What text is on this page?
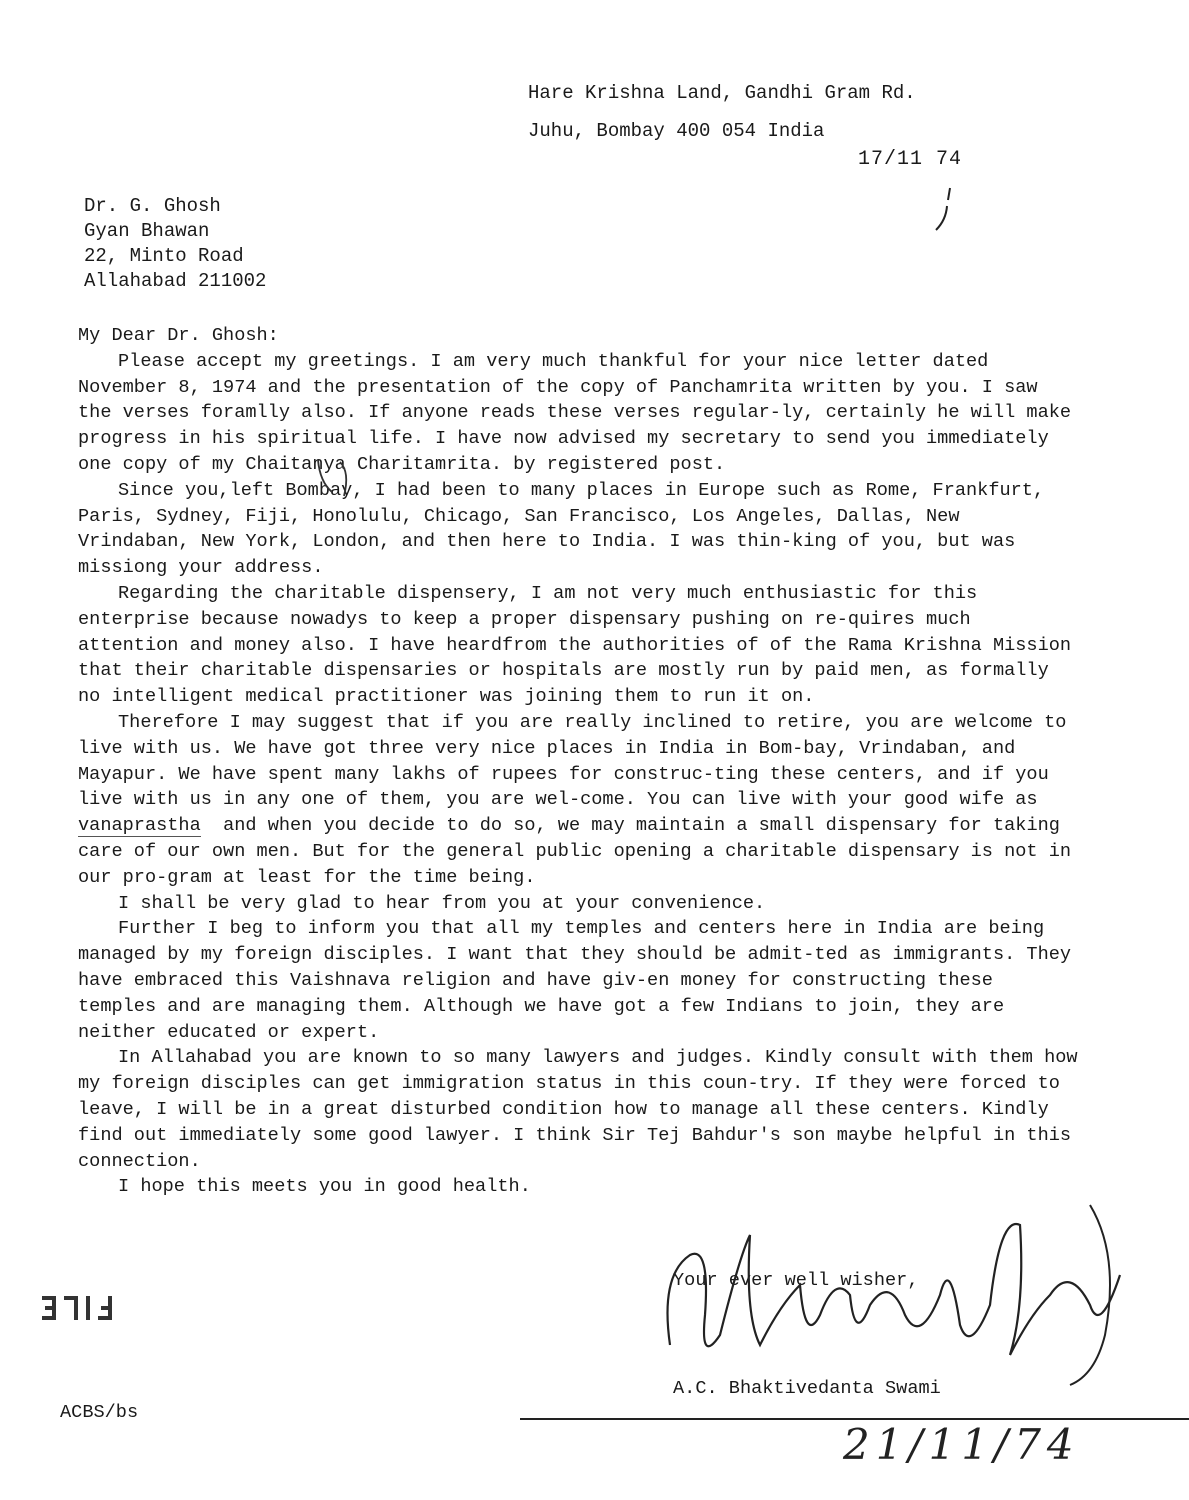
Hare Krishna Land, Gandhi Gram Rd.
Juhu, Bombay 400 054 India
17/11 74
Dr. G. Ghosh
Gyan Bhawan
22, Minto Road
Allahabad 211002

My Dear Dr. Ghosh:

Please accept my greetings. I am very much thankful for your nice letter dated November 8, 1974 and the presentation of the copy of Panchamrita written by you. I saw the verses foramlly also. If anyone reads these verses regular-ly, certainly he will make progress in his spiritual life. I have now advised my secretary to send you immediately one copy of my Chaitanya Charitamrita. by registered post.

Since you,left Bombay, I had been to many places in Europe such as Rome, Frankfurt, Paris, Sydney, Fiji, Honolulu, Chicago, San Francisco, Los Angeles, Dallas, New Vrindaban, New York, London, and then here to India. I was thin-king of you, but was missiong your address.

Regarding the charitable dispensery, I am not very much enthusiastic for this enterprise because nowadys to keep a proper dispensary pushing on re-quires much attention and money also. I have heardfrom the authorities of of the Rama Krishna Mission that their charitable dispensaries or hospitals are mostly run by paid men, as formally no intelligent medical practitioner was joining them to run it on.

Therefore I may suggest that if you are really inclined to retire, you are welcome to live with us. We have got three very nice places in India in Bom-bay, Vrindaban, and Mayapur. We have spent many lakhs of rupees for construc-ting these centers, and if you live with us in any one of them, you are wel-come. You can live with your good wife as vanaprastha  and when you decide to do so, we may maintain a small dispensary for taking care of our own men. But for the general public opening a charitable dispensary is not in our pro-gram at least for the time being.

I shall be very glad to hear from you at your convenience.

Further I beg to inform you that all my temples and centers here in India are being managed by my foreign disciples. I want that they should be admit-ted as immigrants. They have embraced this Vaishnava religion and have giv-en money for constructing these  temples and are managing them. Although we have got a few Indians to join, they are neither educated or expert.

In Allahabad you are known to so many lawyers and judges. Kindly consult with them how my foreign disciples can get immigration status in this coun-try. If they were forced to leave, I will be in a great disturbed condition how to manage all these centers. Kindly find out immediately some good lawyer. I think Sir Tej Bahdur's son maybe helpful in this connection.

I hope this meets you in good health.

Your ever well wisher,
A.C. Bhaktivedanta Swami
21/11/74
ACBS/bs
